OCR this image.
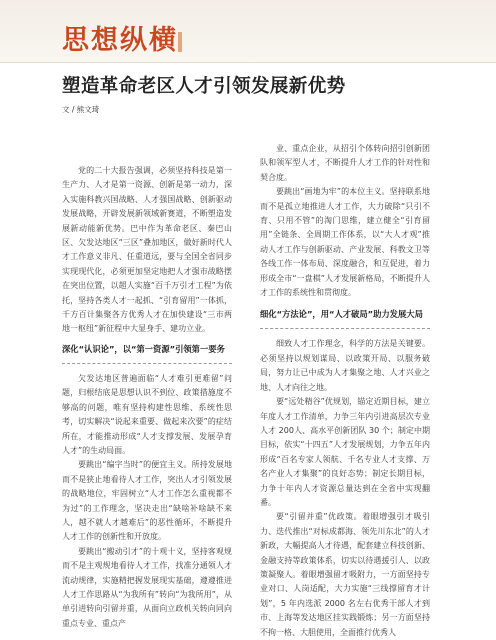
思想纵横
塑造革命老区人才引领发展新优势
文 / 熊文琦

党的二十大报告强调，必须坚持科技是第一生产力、人才是第一资源、创新是第一动力，深入实施科教兴国战略、人才强国战略、创新驱动发展战略，开辟发展新领域新赛道，不断塑造发展新动能新优势。巴中作为革命老区、秦巴山区、欠发达地区“三区”叠加地区，做好新时代人才工作意义非凡、任重道远，要与全国全省同步实现现代化，必须更加坚定地把人才强市战略摆在突出位置，以超人实施“百千万引才工程”为依托，坚持各类人才一起抓、“引育留用”一体抓，千方百计集聚各方优秀人才在加快建设“三市两地一枢纽”新征程中大显身手、建功立业。

深化“认识论”，以“第一资源”引领第一要务

欠发达地区普遍面临“人才难引更难留”问题，归根结底是思想认识不到位、政策措施度不够高的问题，唯有坚持构建性思维、系统性思考，切实解决“说起来重要、做起来次要”的症结所在，才能推动形成“人才支撑发展、发展孕育人才”的生动局面。

要跳出“编字当时”的便宜主义。所持发展地而不是狭止地看待人才工作，突出人才引领发展的战略地位，牢固树立“人才工作怎么重视都不为过”的工作理念，坚决走出“缺啥补啥缺不来人，越不就人才越难后”的恶性循环，不断提升人才工作的创新性和开放度。

要跳出“搬动引才”的十观十义，坚持客观规而不是主观规地看待人才工作，找准分通领人才流动规律，实施精把握发展现实基础，遵遵推进人才工作思路从“为我所有”转向“为我所用”，从单引进转向引留并重，从面向立政机关转向同向重点专业、重点产

业、重点企业，从招引个体转向招引创新团队和领军型人才，不断提升人才工作的针对性和契合度。

要跳出“画地为牢”的本位主义。坚持联系地而不是孤立地推进人才工作，大力破除“只引不育、只用不管”的淘门思维，建立健全“引育留用”全链条、全周期工作体系，以“大人才观”推动人才工作与创新驱动、产业发展、科教文卫等各线工作一体布局、深度融合，和互促进，着力形成全市“一盘棋”人才发展新格局，不断提升人才工作的系统性和贯彻度。

细化“方法论”，用“人才破局”助力发展大局

细致人才工作理念，科学的方法是关键要。必须坚持以规划谋局、以政策开局、以服务破局，努力让已中成为人才集聚之地、人才兴业之地、人才向往之地。

要“远处精谷”优规划，锚定近期目标，建立年度人才工作清单，力争三年内引进高层次专业人才 200人、高水平创新团队 30 个；制定中期目标，依实“十四五”人才发展规划，力争五年内形成“百名专家人领航、千名专业人才支撑、万名产业人才集聚”的良好态势；制定长期目标，力争十年内人才资源总量达到在全省中实现翻番。

要“引留并重”优政策。着眼增强引才吸引力、迭代推出“对标成都海、领先川东北”的人才新政，大幅提高人才待遇，配套建立科技创新、金融支持等政策体系，切实以待遇援引人、以政策凝聚人。着眼增强留才吸附力，一方面坚持专业对口、人岗适配，大力实施“三线撑留育才计划”，5 年内选派 2000 名左右优秀干部人才到市、上海等发达地区挂实践锻炼；另一方面坚持不拘一格、大胆使用，全面推行优秀人
